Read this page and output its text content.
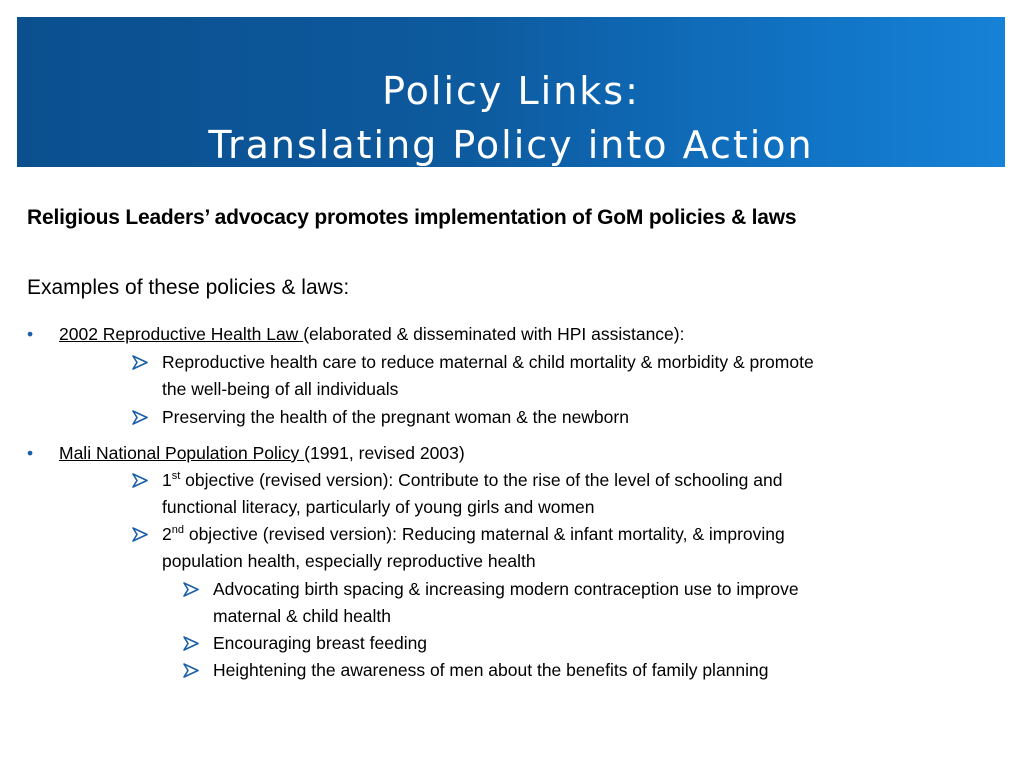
Policy Links:
Translating Policy into Action
Religious Leaders’ advocacy promotes implementation of GoM policies & laws
Examples of these policies & laws:
• 2002 Reproductive Health Law (elaborated & disseminated with HPI assistance):
Reproductive health care to reduce maternal & child mortality & morbidity & promote
the well-being of all individuals
Preserving the health of the pregnant woman & the newborn
• Mali National Population Policy (1991, revised 2003)
1st objective (revised version): Contribute to the rise of the level of schooling and
functional literacy, particularly of young girls and women
2nd objective (revised version): Reducing maternal & infant mortality, & improving
population health, especially reproductive health
Advocating birth spacing & increasing modern contraception use to improve
maternal & child health
Encouraging breast feeding
Heightening the awareness of men about the benefits of family planning
